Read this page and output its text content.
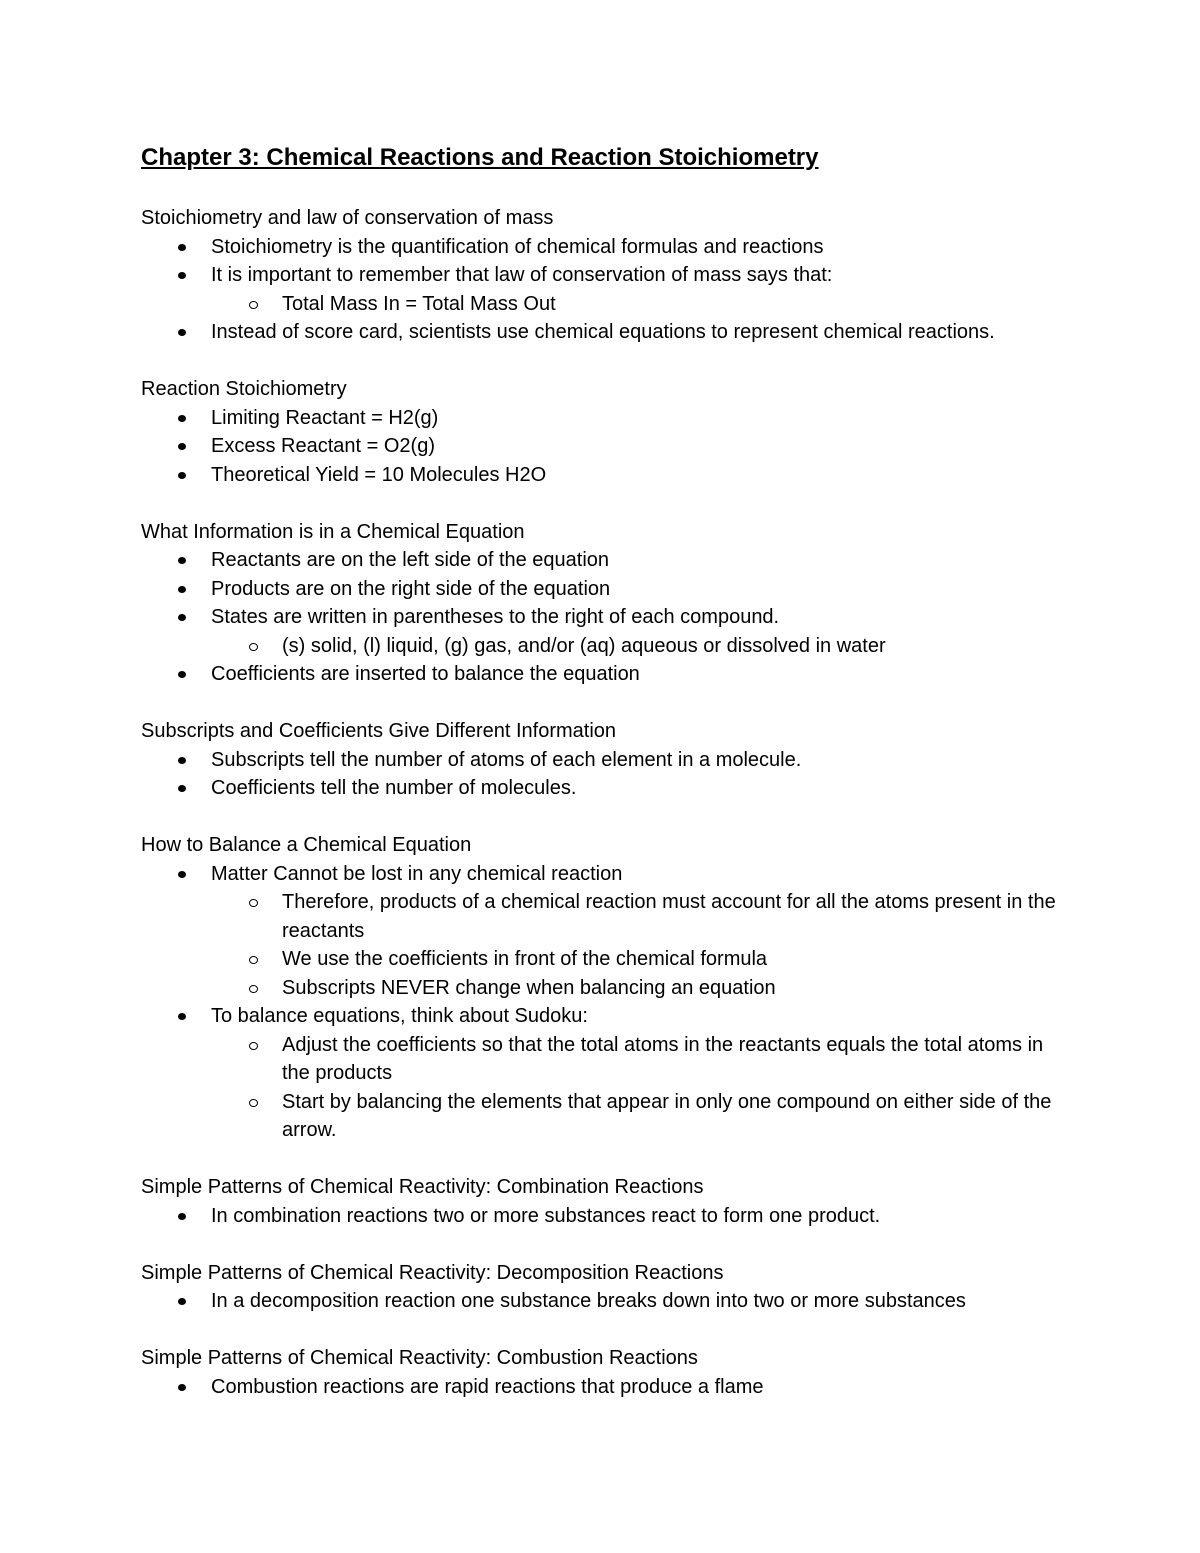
Chapter 3: Chemical Reactions and Reaction Stoichiometry
Stoichiometry and law of conservation of mass
Stoichiometry is the quantification of chemical formulas and reactions
It is important to remember that law of conservation of mass says that:
Total Mass In = Total Mass Out
Instead of score card, scientists use chemical equations to represent chemical reactions.
Reaction Stoichiometry
Limiting Reactant = H2(g)
Excess Reactant = O2(g)
Theoretical Yield = 10 Molecules H2O
What Information is in a Chemical Equation
Reactants are on the left side of the equation
Products are on the right side of the equation
States are written in parentheses to the right of each compound.
(s) solid, (l) liquid, (g) gas, and/or (aq) aqueous or dissolved in water
Coefficients are inserted to balance the equation
Subscripts and Coefficients Give Different Information
Subscripts tell the number of atoms of each element in a molecule.
Coefficients tell the number of molecules.
How to Balance a Chemical Equation
Matter Cannot be lost in any chemical reaction
Therefore, products of a chemical reaction must account for all the atoms present in the reactants
We use the coefficients in front of the chemical formula
Subscripts NEVER change when balancing an equation
To balance equations, think about Sudoku:
Adjust the coefficients so that the total atoms in the reactants equals the total atoms in the products
Start by balancing the elements that appear in only one compound on either side of the arrow.
Simple Patterns of Chemical Reactivity: Combination Reactions
In combination reactions two or more substances react to form one product.
Simple Patterns of Chemical Reactivity: Decomposition Reactions
In a decomposition reaction one substance breaks down into two or more substances
Simple Patterns of Chemical Reactivity: Combustion Reactions
Combustion reactions are rapid reactions that produce a flame
